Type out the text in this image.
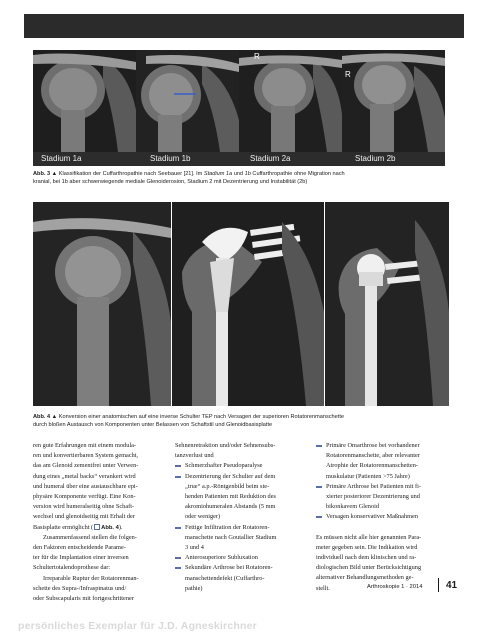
R
R
Stadium 1a	Stadium 1b	Stadium 2a	Stadium 2b
Abb. 3 ▲ Klassifikation der Cuffarthropathie nach Seebauer [21]. Im Stadium 1a und 1b Cuffarthropathie ohne Migration nach
kranial, bei 1b aber schwerwiegende mediale Glenoiderosion, Stadium 2 mit Dezentrierung und Instabilität (2b)
Abb. 4 ▲ Konversion einer anatomischen auf eine inverse Schulter TEP nach Versagen der superioren Rotatorenmanschette
durch bloßen Austausch von Komponenten unter Belassen von Schaftstil und Glenoidbasisplatte

ren gute Erfahrungen mit einem modula-
ren und konvertierbaren System gemacht,
das am Glenoid zementfrei unter Verwen-
dung eines „metal backs“ verankert wird
und humeral über eine austauschbare epi-
physäre Komponente verfügt. Eine Kon-
version wird humeralseitig ohne Schaft-
wechsel und glenoidseitig mit Erhalt der
Basisplatte ermöglicht ( Abb. 4).

Zusammenfassend stellen die folgen-

den Faktoren entscheidende Parame-
ter für die Implantation einer inversen
Schultertotalendoprothese dar:
Irreparable Ruptur der Rotatorenman-
schette des Supra-/Infraspinatus und/
oder Subscapularis mit fortgeschrittener

Sehnenretraktion und/oder Sehnensubs-
tanzverlust und
Schmerzhafter Pseudoparalyse
Dezentrierung der Schulter auf dem
„true“ a.p.-Röntgenbild beim ste-
henden Patienten mit Reduktion des
akromiohumeralen Abstands (5 mm
oder weniger)
Fettige Infiltration der Rotatoren-
manschette nach Goutallier Stadium
3 und 4
Anterosuperiore Subluxation
Sekundäre Arthrose bei Rotatoren-
manschettendefekt (Cuffarthro-
pathie)
Primäre Omarthrose bei vorhandener
Rotatorenmanschette, aber relevanter
Atrophie der Rotatorenmanschetten-
muskulatur (Patienten >75 Jahre)
Primäre Arthrose bei Patienten mit fi-
xierter posteriorer Dezentrierung und
bikonkavem Glenoid
Versagen konservativer Maßnahmen

Es müssen nicht alle hier genannten Para-
meter gegeben sein. Die Indikation wird
individuell nach dem klinischen und ra-
diologischen Bild unter Berücksichtigung
alternativer Behandlungsmethoden ge-
stellt.	Arthroskopie 1 · 2014 41
persönliches Exemplar für J.D. Agneskirchner
